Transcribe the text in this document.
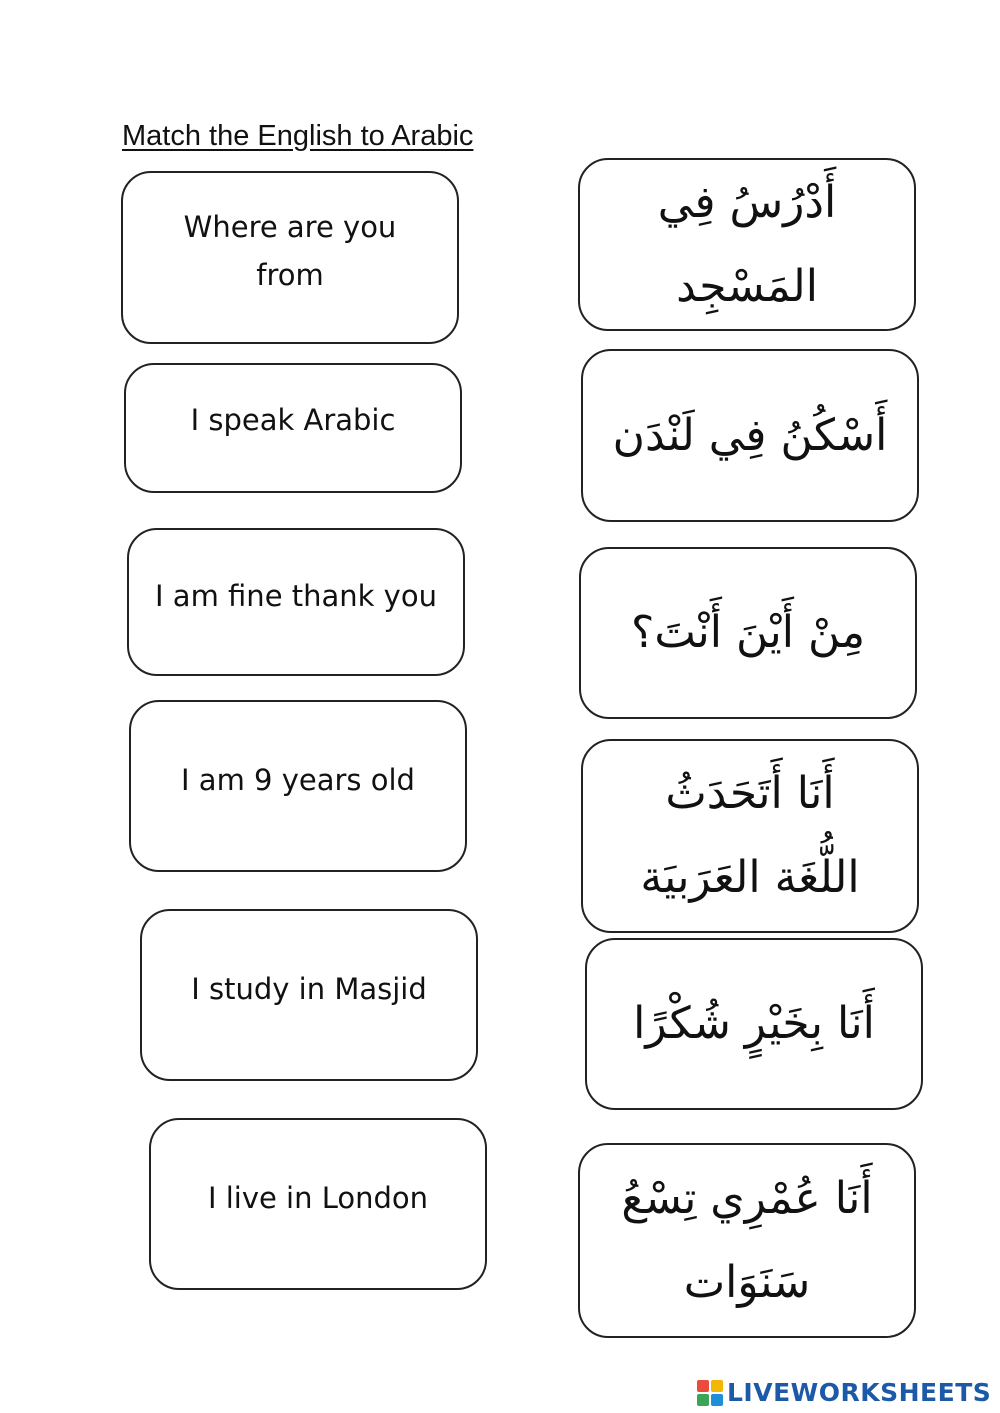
Match the English to Arabic
Where are you
from
I speak Arabic
I am fine thank you
I am 9 years old
I study in Masjid
I live in London
أَدْرُسُ فِي
المَسْجِد
أَسْكُنُ فِي لَنْدَن
مِنْ أَيْنَ أَنْتَ؟
أَنَا أَتَحَدَثُ
اللُّغَة العَرَبيَة
أَنَا بِخَيْرٍ شُكْرًا
أَنَا عُمْرِي تِسْعُ
سَنَوَات
LIVEWORKSHEETS
